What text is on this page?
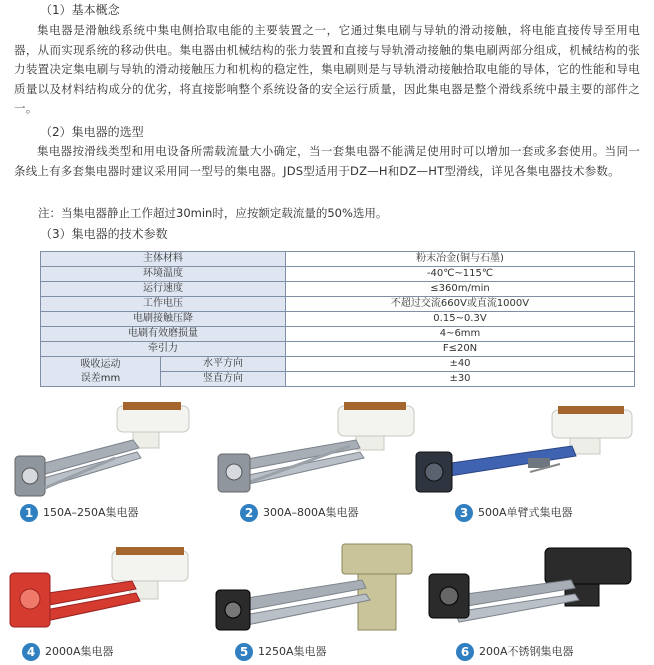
（1）基本概念

集电器是滑触线系统中集电侧拾取电能的主要装置之一，它通过集电刷与导轨的滑动接触，将电能直接传导至用电器，从而实现系统的移动供电。集电器由机械结构的张力装置和直接与导轨滑动接触的集电刷两部分组成，机械结构的张力装置决定集电刷与导轨的滑动接触压力和机构的稳定性，集电刷则是与导轨滑动接触拾取电能的导体，它的性能和导电质量以及材料结构成分的优劣，将直接影响整个系统设备的安全运行质量，因此集电器是整个滑线系统中最主要的部件之一。

（2）集电器的选型

集电器按滑线类型和用电设备所需载流量大小确定，当一套集电器不能满足使用时可以增加一套或多套使用。当同一条线上有多套集电器时建议采用同一型号的集电器。JDS型适用于DZ—H和DZ—HT型滑线，详见各集电器技术参数。

注：当集电器静止工作超过30min时，应按额定载流量的50%选用。
（3）集电器的技术参数
主体材料		粉末冶金(铜与石墨)
环境温度		-40℃~115℃
运行速度		≤360m/min
工作电压		不超过交流660V或直流1000V
电刷接触压降		0.15~0.3V
电刷有效磨损量		4~6mm
牵引力		F≤20N

吸收运动
误差mm	水平方向	±40
	竖直方向	±30
1 150A–250A集电器	2 300A–800A集电器	3 500A单臂式集电器
4 2000A集电器	5 1250A集电器	6 200A不锈钢集电器
